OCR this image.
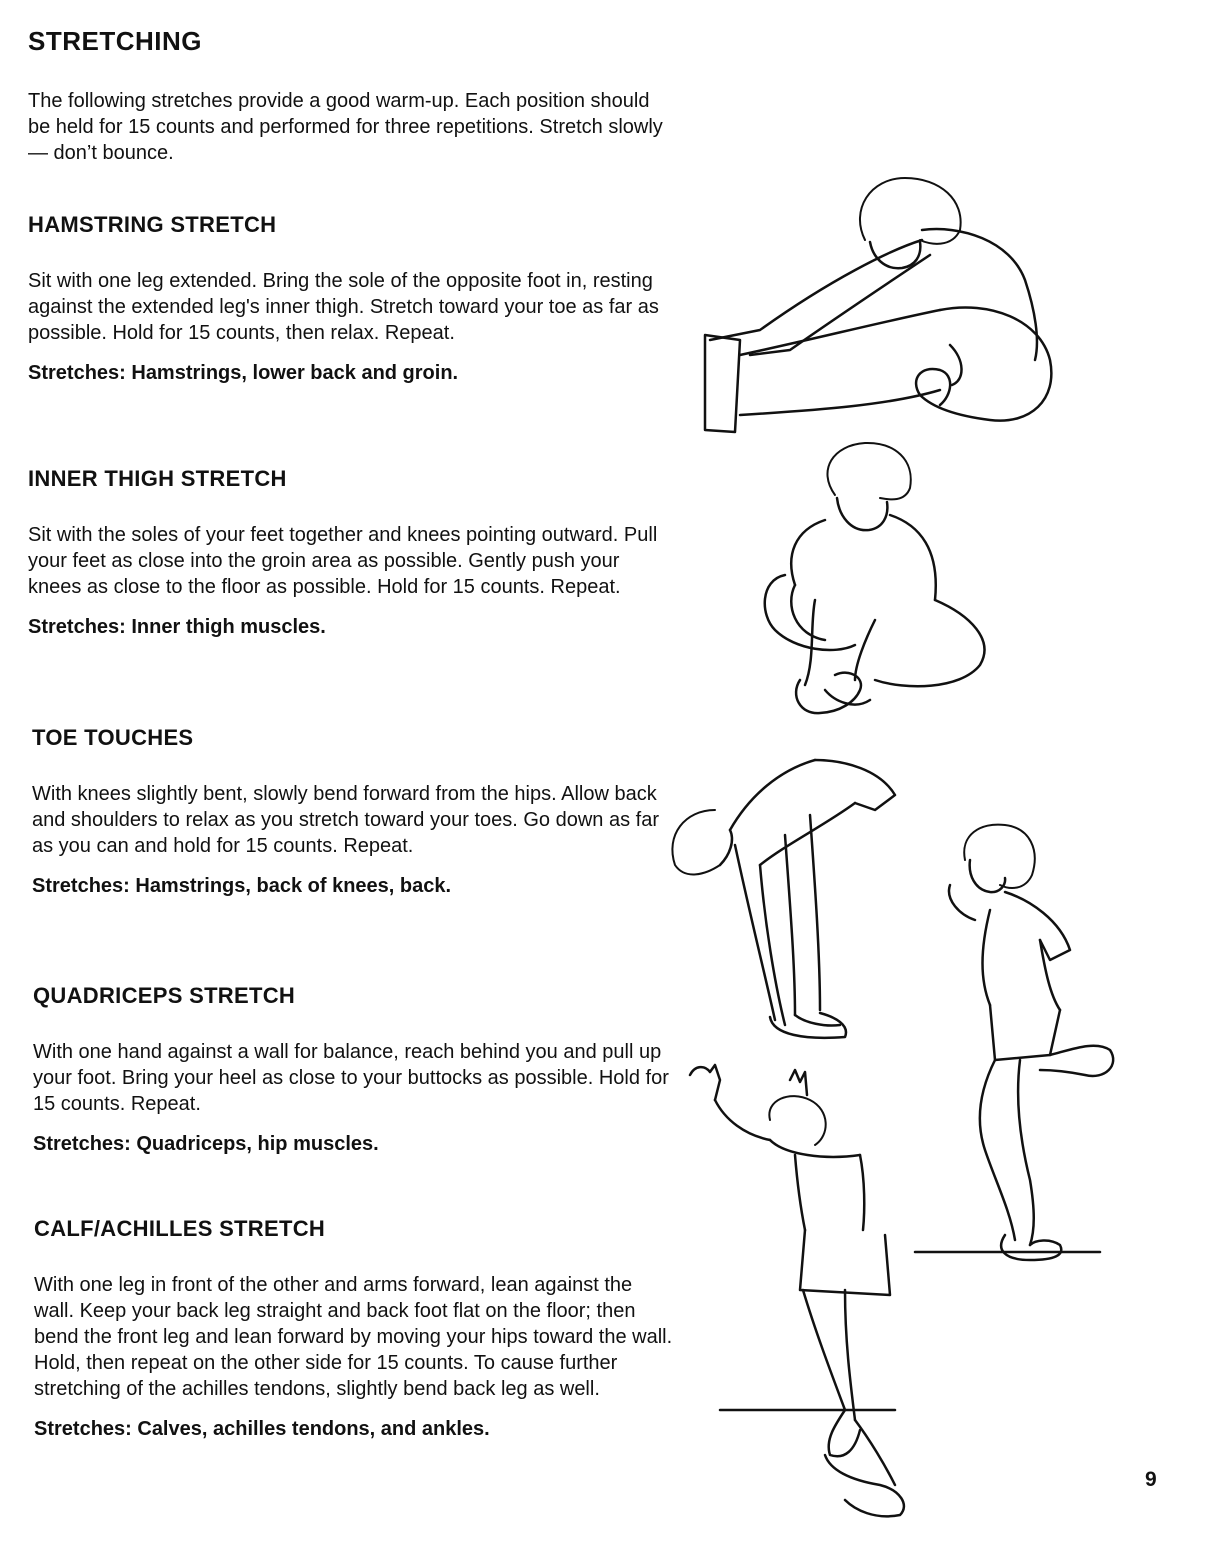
STRETCHING

The following stretches provide a good warm-up. Each position should be held for 15 counts and performed for three repetitions. Stretch slowly — don’t bounce.

HAMSTRING STRETCH

Sit with one leg extended. Bring the sole of the opposite foot in, resting against the extended leg's inner thigh. Stretch toward your toe as far as possible. Hold for 15 counts, then relax. Repeat.

Stretches: Hamstrings, lower back and groin.

INNER THIGH STRETCH

Sit with the soles of your feet together and knees pointing outward. Pull your feet as close into the groin area as possible. Gently push your knees as close to the floor as possible. Hold for 15 counts. Repeat.

Stretches: Inner thigh muscles.

TOE TOUCHES

With knees slightly bent, slowly bend forward from the hips. Allow back and shoulders to relax as you stretch toward your toes. Go down as far as you can and hold for 15 counts. Repeat.

Stretches: Hamstrings, back of knees, back.

QUADRICEPS STRETCH

With one hand against a wall for balance, reach behind you and pull up your foot. Bring your heel as close to your buttocks as possible. Hold for 15 counts. Repeat.

Stretches: Quadriceps, hip muscles.

CALF/ACHILLES STRETCH

With one leg in front of the other and arms forward, lean against the wall. Keep your back leg straight and back foot flat on the floor; then bend the front leg and lean forward by moving your hips toward the wall. Hold, then repeat on the other side for 15 counts. To cause further stretching of the achilles tendons, slightly bend back leg as well.

Stretches: Calves, achilles tendons, and ankles.

9
